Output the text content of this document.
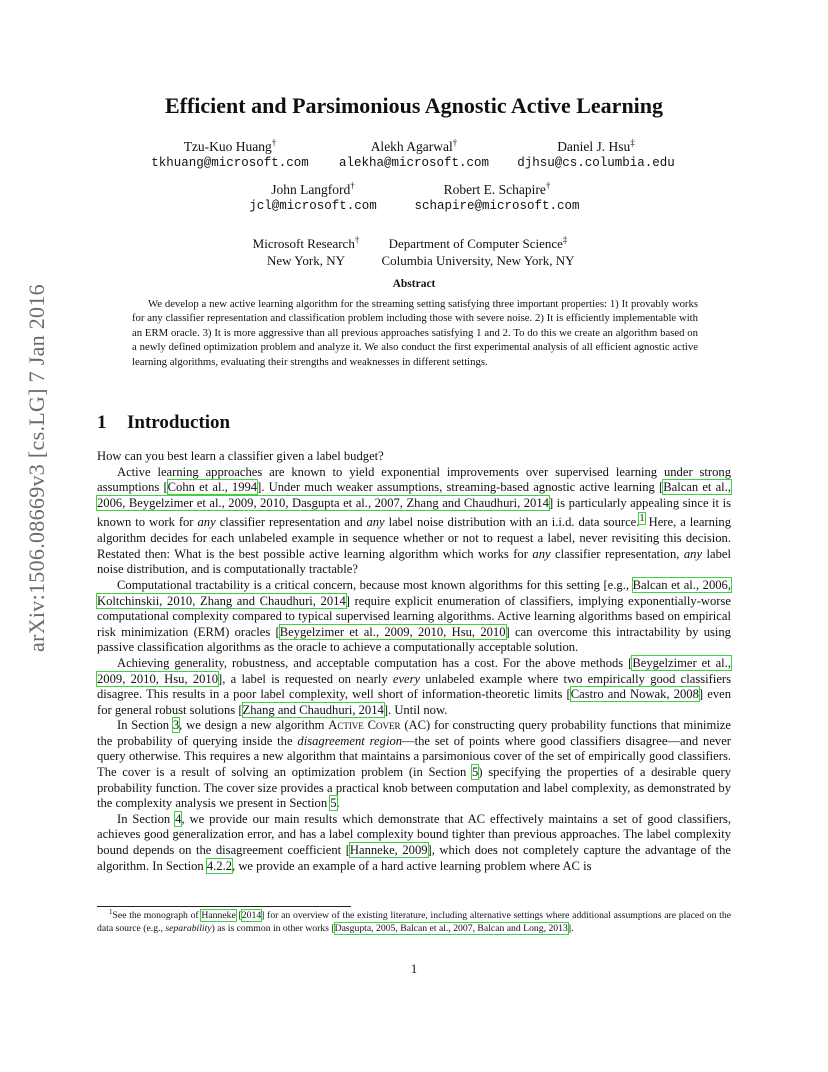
arXiv:1506.08669v3 [cs.LG] 7 Jan 2016
Efficient and Parsimonious Agnostic Active Learning
Tzu-Kuo Huang†
tkhuang@microsoft.com
Alekh Agarwal†
alekha@microsoft.com
Daniel J. Hsu‡
djhsu@cs.columbia.edu
John Langford†
jcl@microsoft.com
Robert E. Schapire†
schapire@microsoft.com
Microsoft Research†
New York, NY
Department of Computer Science‡
Columbia University, New York, NY
Abstract

We develop a new active learning algorithm for the streaming setting satisfying three important properties: 1) It provably works for any classifier representation and classification problem including those with severe noise. 2) It is efficiently implementable with an ERM oracle. 3) It is more aggressive than all previous approaches satisfying 1 and 2. To do this we create an algorithm based on a newly defined optimization problem and analyze it. We also conduct the first experimental analysis of all efficient agnostic active learning algorithms, evaluating their strengths and weaknesses in different settings.

1 Introduction

How can you best learn a classifier given a label budget?

Active learning approaches are known to yield exponential improvements over supervised learning under strong assumptions [Cohn et al., 1994]. Under much weaker assumptions, streaming-based agnostic active learning [Balcan et al., 2006, Beygelzimer et al., 2009, 2010, Dasgupta et al., 2007, Zhang and Chaudhuri, 2014] is particularly appealing since it is known to work for any classifier representation and any label noise distribution with an i.i.d. data source.$^1$ Here, a learning algorithm decides for each unlabeled example in sequence whether or not to request a label, never revisiting this decision. Restated then: What is the best possible active learning algorithm which works for any classifier representation, any label noise distribution, and is computationally tractable?

Computational tractability is a critical concern, because most known algorithms for this setting [e.g., Balcan et al., 2006, Koltchinskii, 2010, Zhang and Chaudhuri, 2014] require explicit enumeration of classifiers, implying exponentially-worse computational complexity compared to typical supervised learning algorithms. Active learning algorithms based on empirical risk minimization (ERM) oracles [Beygelzimer et al., 2009, 2010, Hsu, 2010] can overcome this intractability by using passive classification algorithms as the oracle to achieve a computationally acceptable solution.

Achieving generality, robustness, and acceptable computation has a cost. For the above methods [Beygelzimer et al., 2009, 2010, Hsu, 2010], a label is requested on nearly every unlabeled example where two empirically good classifiers disagree. This results in a poor label complexity, well short of information-theoretic limits [Castro and Nowak, 2008] even for general robust solutions [Zhang and Chaudhuri, 2014]. Until now.

In Section 3, we design a new algorithm Active Cover (AC) for constructing query probability functions that minimize the probability of querying inside the disagreement region—the set of points where good classifiers disagree—and never query otherwise. This requires a new algorithm that maintains a parsimonious cover of the set of empirically good classifiers. The cover is a result of solving an optimization problem (in Section 5) specifying the properties of a desirable query probability function. The cover size provides a practical knob between computation and label complexity, as demonstrated by the complexity analysis we present in Section 5.

In Section 4, we provide our main results which demonstrate that AC effectively maintains a set of good classifiers, achieves good generalization error, and has a label complexity bound tighter than previous approaches. The label complexity bound depends on the disagreement coefficient [Hanneke, 2009], which does not completely capture the advantage of the algorithm. In Section 4.2.2, we provide an example of a hard active learning problem where AC is

$^1$See the monograph of Hanneke [2014] for an overview of the existing literature, including alternative settings where additional assumptions are placed on the data source (e.g., separability) as is common in other works [Dasgupta, 2005, Balcan et al., 2007, Balcan and Long, 2013].

1
